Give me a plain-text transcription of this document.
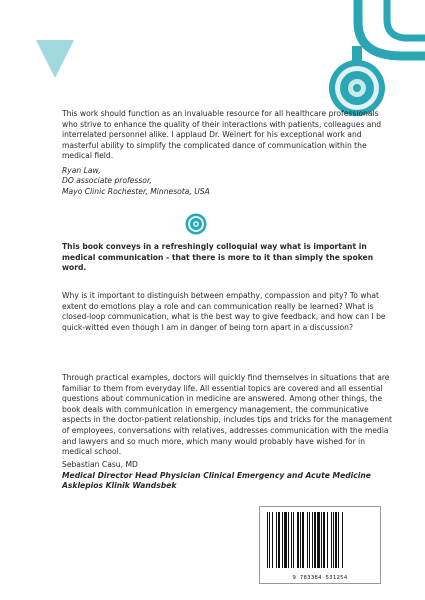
This work should function as an invaluable resource for all healthcare professionals who strive to enhance the quality of their interactions with patients, colleagues and interrelated personnel alike. I applaud Dr. Weinert for his exceptional work and masterful ability to simplify the complicated dance of communication within the medical field.

Ryan Law,
DO associate professor,
Mayo Clinic Rochester, Minnesota, USA

This book conveys in a refreshingly colloquial way what is important in medical communication - that there is more to it than simply the spoken word.

Why is it important to distinguish between empathy, compassion and pity? To what extent do emotions play a role and can communication really be learned? What is closed-loop communication, what is the best way to give feedback, and how can I be quick-witted even though I am in danger of being torn apart in a discussion?

Through practical examples, doctors will quickly find themselves in situations that are familiar to them from everyday life. All essential topics are covered and all essential questions about communication in medicine are answered. Among other things, the book deals with communication in emergency management, the communicative aspects in the doctor-patient relationship, includes tips and tricks for the management of employees, conversations with relatives, addresses communication with the media and lawyers and so much more, which many would probably have wished for in medical school.

Sebastian Casu, MD
Medical Director Head Physician Clinical Emergency and Acute Medicine
Asklepios Klinik Wandsbek
9 783384 531254
